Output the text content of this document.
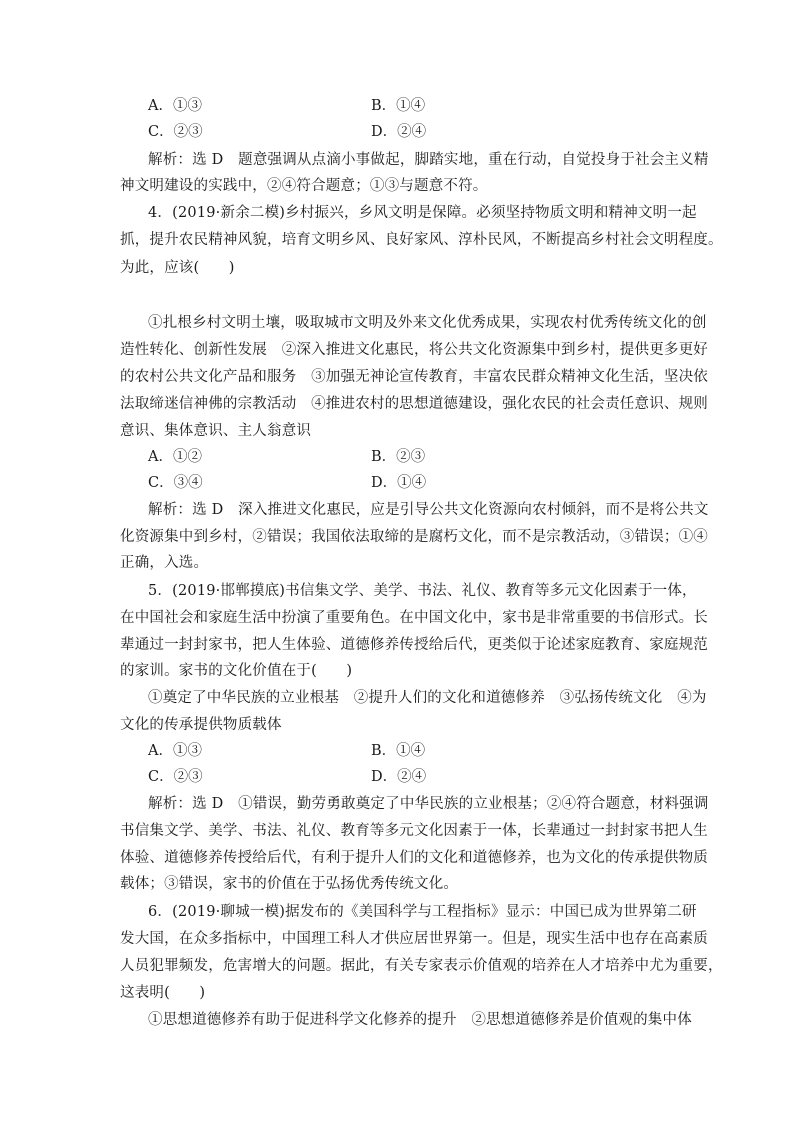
A．①③	B．①④
C．②③	D．②④
解析：选 D　题意强调从点滴小事做起，脚踏实地，重在行动，自觉投身于社会主义精
神文明建设的实践中，②④符合题意；①③与题意不符。
4．(2019·新余二模)乡村振兴，乡风文明是保障。必须坚持物质文明和精神文明一起
抓，提升农民精神风貌，培育文明乡风、良好家风、淳朴民风，不断提高乡村社会文明程度。
为此，应该(　　)
①扎根乡村文明土壤，吸取城市文明及外来文化优秀成果，实现农村优秀传统文化的创
造性转化、创新性发展　②深入推进文化惠民，将公共文化资源集中到乡村，提供更多更好
的农村公共文化产品和服务　③加强无神论宣传教育，丰富农民群众精神文化生活，坚决依
法取缔迷信神佛的宗教活动　④推进农村的思想道德建设，强化农民的社会责任意识、规则
意识、集体意识、主人翁意识
A．①②	B．②③
C．③④	D．①④
解析：选 D　深入推进文化惠民，应是引导公共文化资源向农村倾斜，而不是将公共文
化资源集中到乡村，②错误；我国依法取缔的是腐朽文化，而不是宗教活动，③错误；①④
正确，入选。
5．(2019·邯郸摸底)书信集文学、美学、书法、礼仪、教育等多元文化因素于一体，
在中国社会和家庭生活中扮演了重要角色。在中国文化中，家书是非常重要的书信形式。长
辈通过一封封家书，把人生体验、道德修养传授给后代，更类似于论述家庭教育、家庭规范
的家训。家书的文化价值在于(　　)
①奠定了中华民族的立业根基　②提升人们的文化和道德修养　③弘扬传统文化　④为
文化的传承提供物质载体
A．①③	B．①④
C．②③	D．②④
解析：选 D　①错误，勤劳勇敢奠定了中华民族的立业根基；②④符合题意，材料强调
书信集文学、美学、书法、礼仪、教育等多元文化因素于一体，长辈通过一封封家书把人生
体验、道德修养传授给后代，有利于提升人们的文化和道德修养，也为文化的传承提供物质
载体；③错误，家书的价值在于弘扬优秀传统文化。
6．(2019·聊城一模)据发布的《美国科学与工程指标》显示：中国已成为世界第二研
发大国，在众多指标中，中国理工科人才供应居世界第一。但是，现实生活中也存在高素质
人员犯罪频发，危害增大的问题。据此，有关专家表示价值观的培养在人才培养中尤为重要，
这表明(　　)
①思想道德修养有助于促进科学文化修养的提升　②思想道德修养是价值观的集中体
